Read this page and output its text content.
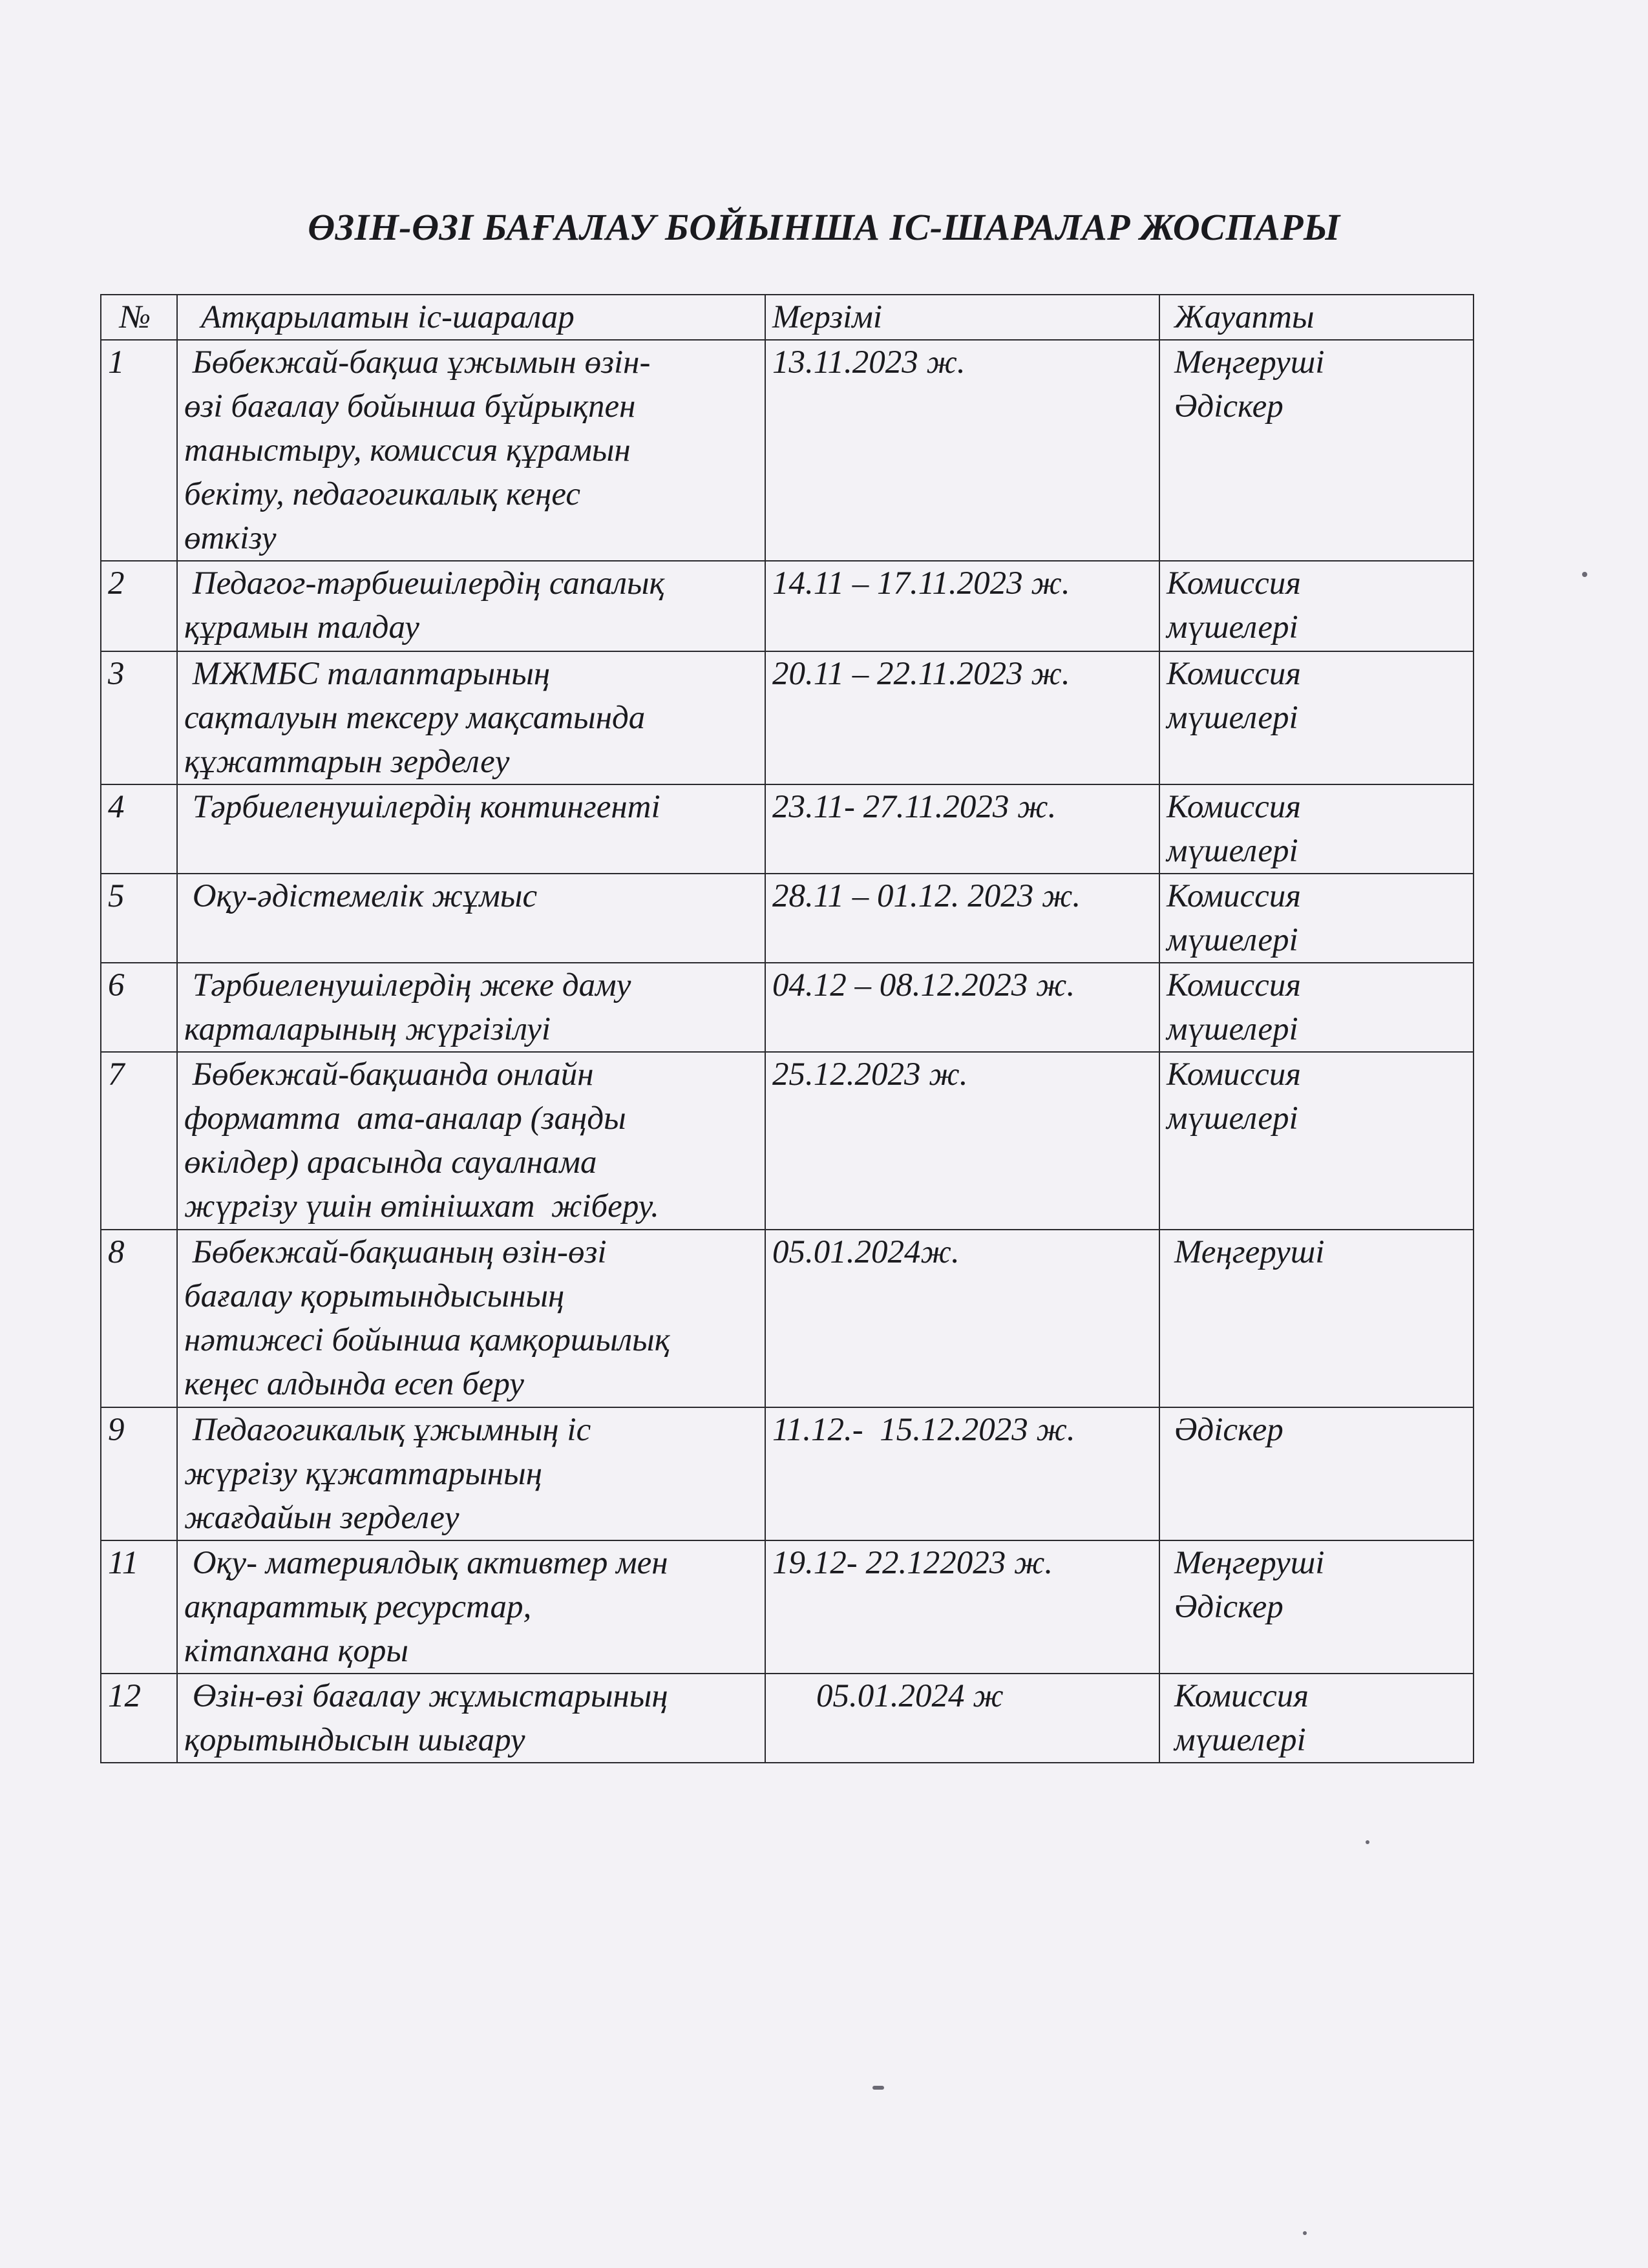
ӨЗІН-ӨЗІ БАҒАЛАУ БОЙЫНША ІС-ШАРАЛАР ЖОСПАРЫ
№	Атқарылатын іс-шаралар	Мерзімі	Жауапты
1	Бөбекжай-бақша ұжымын өзін-
өзі бағалау бойынша бұйрықпен
таныстыру, комиссия құрамын
бекіту, педагогикалық кеңес
өткізу	13.11.2023 ж.	Меңгеруші
Әдіскер

2	Педагог-тәрбиешілердің сапалық
құрамын талдау	14.11 – 17.11.2023 ж.	Комиссия
мүшелері

3	МЖМБС талаптарының
сақталуын тексеру мақсатында
құжаттарын зерделеу	20.11 – 22.11.2023 ж.	Комиссия
мүшелері

4	Тәрбиеленушілердің контингенті	23.11- 27.11.2023 ж.	Комиссия
мүшелері

5	Оқу-әдістемелік жұмыс	28.11 – 01.12. 2023 ж.	Комиссия
мүшелері

6	Тәрбиеленушілердің жеке даму
карталарының жүргізілуі	04.12 – 08.12.2023 ж.	Комиссия
мүшелері

7	Бөбекжай-бақшанда онлайн
форматта  ата-аналар (заңды
өкілдер) арасында сауалнама
жүргізу үшін өтінішхат  жіберу.	25.12.2023 ж.	Комиссия
мүшелері

8	Бөбекжай-бақшаның өзін-өзі
бағалау қорытындысының
нәтижесі бойынша қамқоршылық
кеңес алдында есеп беру	05.01.2024ж.	Меңгеруші

9	Педагогикалық ұжымның іс
жүргізу құжаттарының
жағдайын зерделеу	11.12.-  15.12.2023 ж.	Әдіскер

11	Оқу- материялдық активтер мен
ақпараттық ресурстар,
кітапхана қоры	19.12- 22.122023 ж.	Меңгеруші
Әдіскер

12	Өзін-өзі бағалау жұмыстарының
қорытындысын шығару	05.01.2024 ж	Комиссия
мүшелері
